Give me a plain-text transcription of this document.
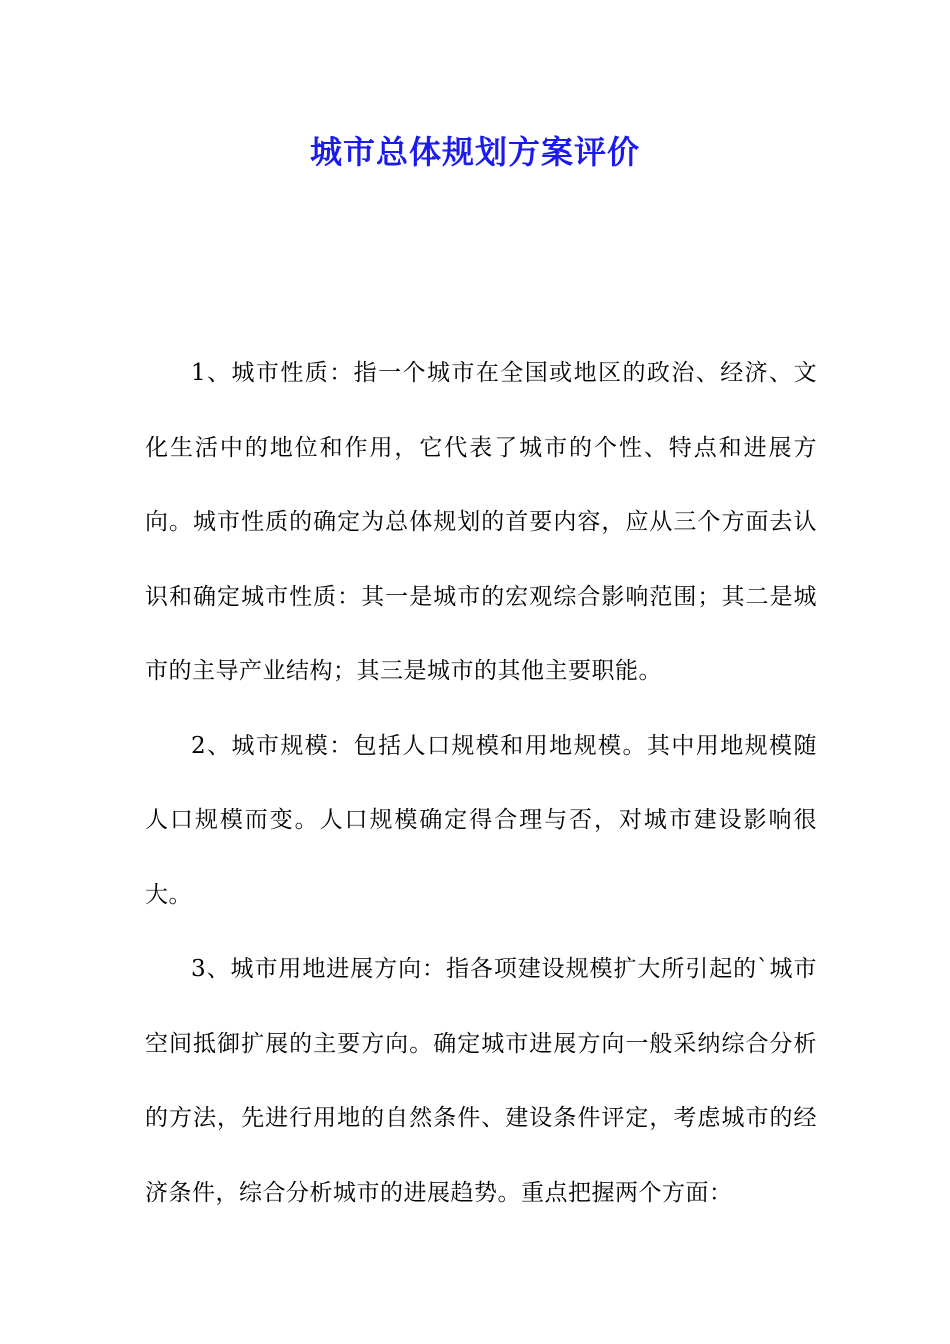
城市总体规划方案评价

1、城市性质：指一个城市在全国或地区的政治、经济、文化生活中的地位和作用，它代表了城市的个性、特点和进展方向。城市性质的确定为总体规划的首要内容，应从三个方面去认识和确定城市性质：其一是城市的宏观综合影响范围；其二是城市的主导产业结构；其三是城市的其他主要职能。

2、城市规模：包括人口规模和用地规模。其中用地规模随人口规模而变。人口规模确定得合理与否，对城市建设影响很大。

3、城市用地进展方向：指各项建设规模扩大所引起的`城市空间抵御扩展的主要方向。确定城市进展方向一般采纳综合分析的方法，先进行用地的自然条件、建设条件评定，考虑城市的经济条件，综合分析城市的进展趋势。重点把握两个方面：
